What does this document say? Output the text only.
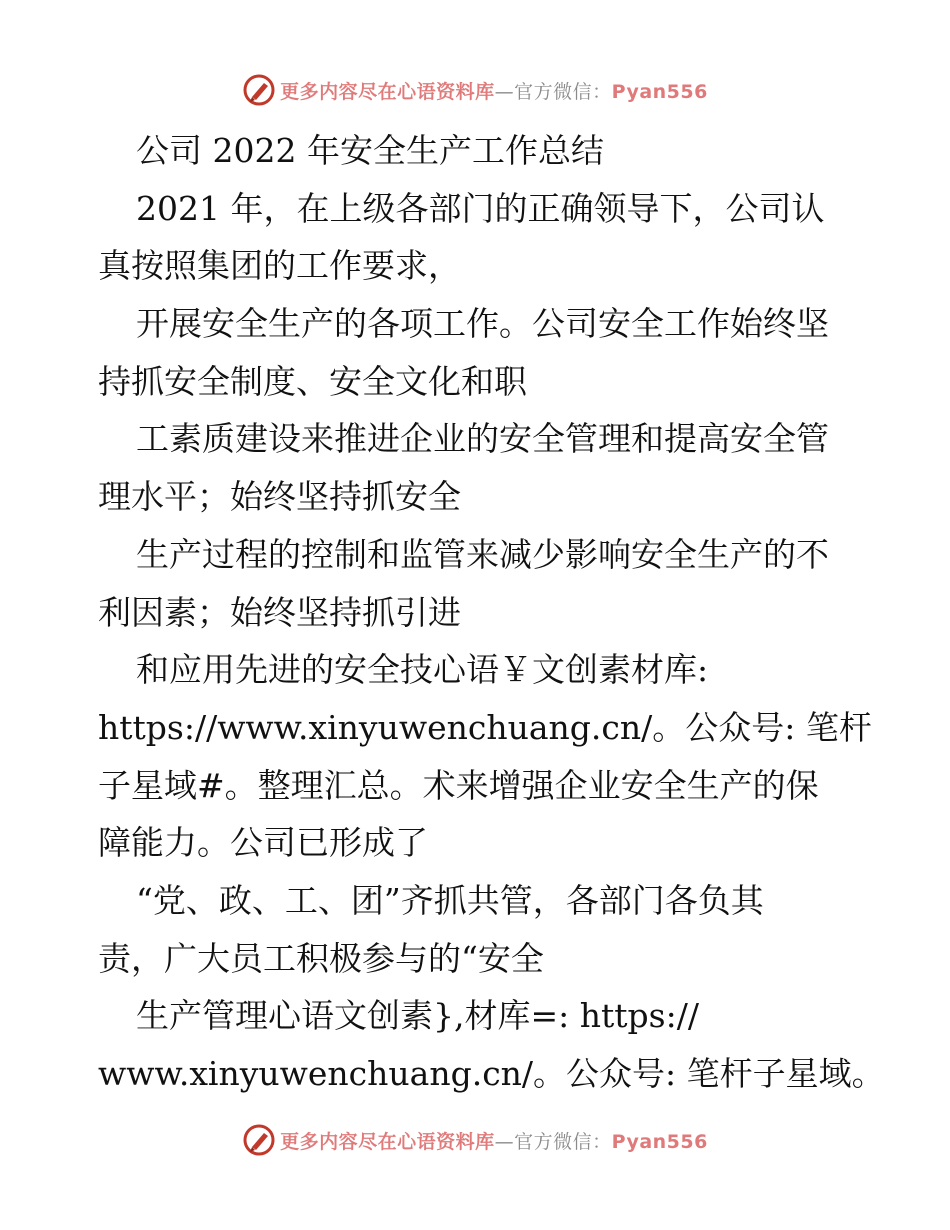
更多内容尽在心语资料库—官方微信：Pyan556
公司 2022 年安全生产工作总结
2021 年，在上级各部门的正确领导下，公司认
真按照集团的工作要求，
开展安全生产的各项工作。公司安全工作始终坚
持抓安全制度、安全文化和职
工素质建设来推进企业的安全管理和提高安全管
理水平；始终坚持抓安全
生产过程的控制和监管来减少影响安全生产的不
利因素；始终坚持抓引进
和应用先进的安全技心语￥文创素材库:
https://www.xinyuwenchuang.cn/。公众号: 笔杆
子星域#。整理汇总。术来增强企业安全生产的保
障能力。公司已形成了
“党、政、工、团”齐抓共管，各部门各负其
责，广大员工积极参与的“安全
生产管理心语文创素},材库=: https://
www.xinyuwenchuang.cn/。公众号: 笔杆子星域。
更多内容尽在心语资料库—官方微信：Pyan556
